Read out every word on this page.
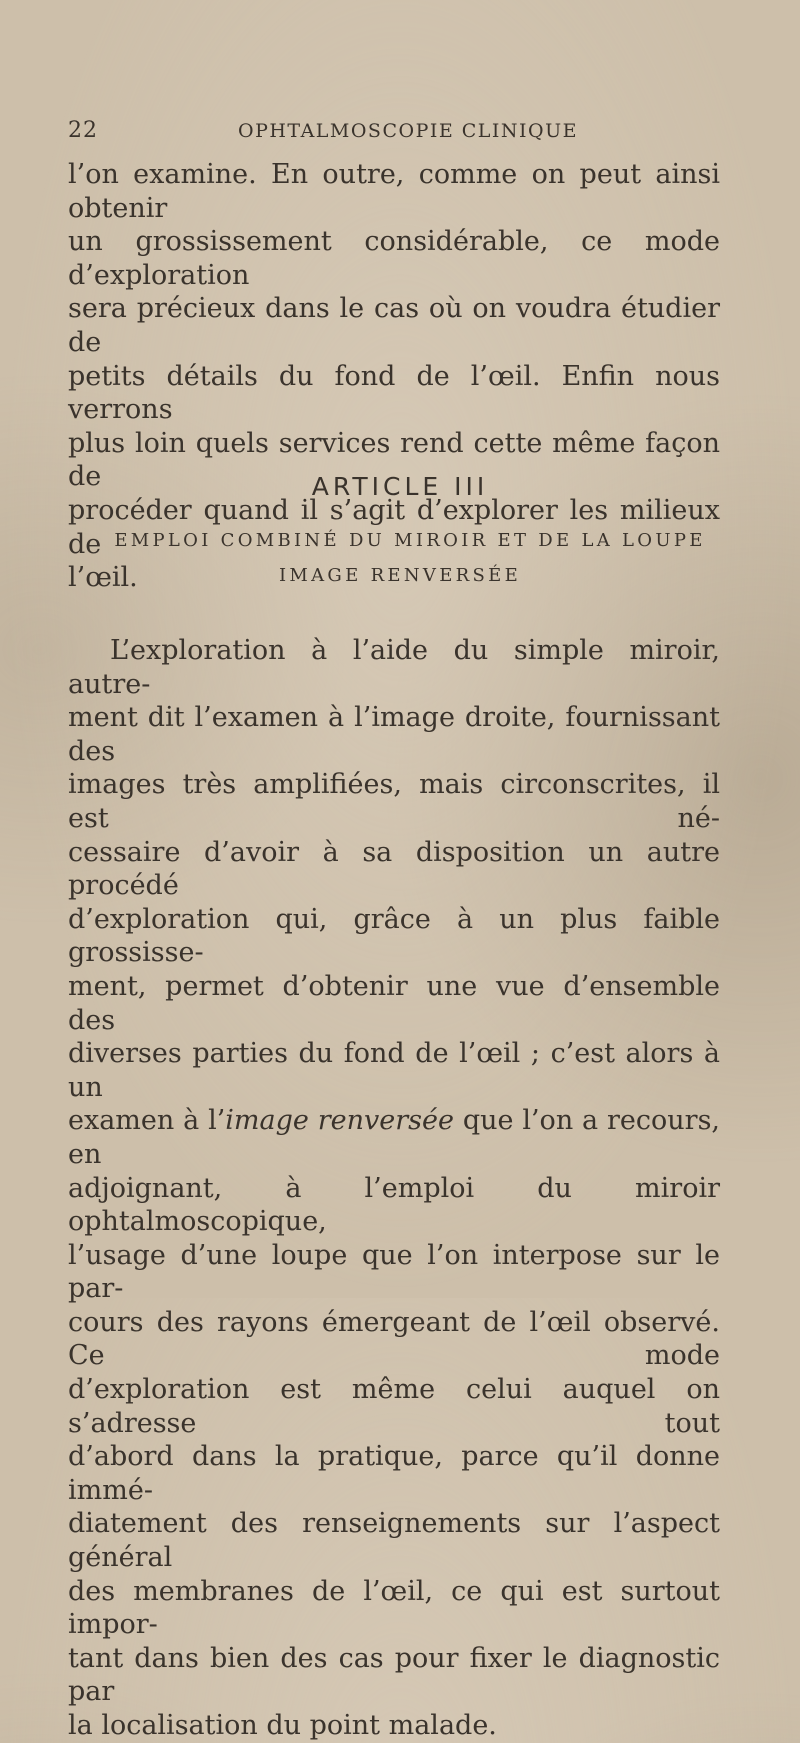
22	OPHTALMOSCOPIE CLINIQUE

l’on examine. En outre, comme on peut ainsi obtenir
un grossissement considérable, ce mode d’exploration
sera précieux dans le cas où on voudra étudier de
petits détails du fond de l’œil. Enfin nous verrons
plus loin quels services rend cette même façon de
procéder quand il s’agit d’explorer les milieux de
l’œil.

ARTICLE III
EMPLOI COMBINÉ DU MIROIR ET DE LA LOUPE
IMAGE RENVERSÉE

L’exploration à l’aide du simple miroir, autre-
ment dit l’examen à l’image droite, fournissant des
images très amplifiées, mais circonscrites, il est né-
cessaire d’avoir à sa disposition un autre procédé
d’exploration qui, grâce à un plus faible grossisse-
ment, permet d’obtenir une vue d’ensemble des
diverses parties du fond de l’œil ; c’est alors à un
examen à l’image renversée que l’on a recours, en
adjoignant, à l’emploi du miroir ophtalmoscopique,
l’usage d’une loupe que l’on interpose sur le par-
cours des rayons émergeant de l’œil observé. Ce mode
d’exploration est même celui auquel on s’adresse tout
d’abord dans la pratique, parce qu’il donne immé-
diatement des renseignements sur l’aspect général
des membranes de l’œil, ce qui est surtout impor-
tant dans bien des cas pour fixer le diagnostic par
la localisation du point malade.
